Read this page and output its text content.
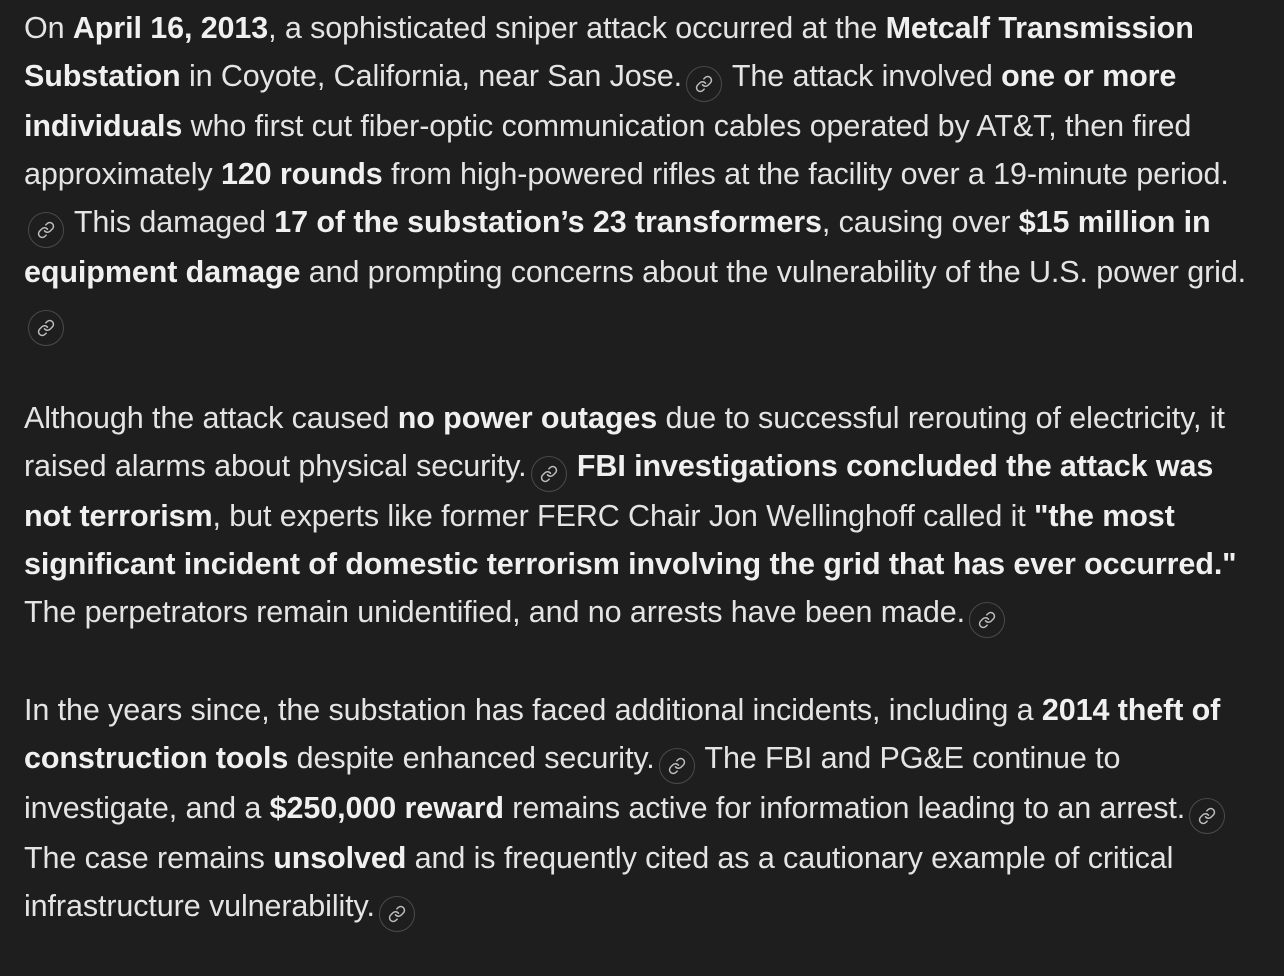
On April 16, 2013, a sophisticated sniper attack occurred at the Metcalf Transmission Substation in Coyote, California, near San Jose.
The attack involved one or more individuals who first cut fiber-optic communication cables operated by AT&T, then fired approximately 120 rounds from high-powered rifles at the facility over a 19-minute period.
This damaged 17 of the substation’s 23 transformers, causing over $15 million in equipment damage and prompting concerns about the vulnerability of the U.S. power grid.

Although the attack caused no power outages due to successful rerouting of electricity, it raised alarms about physical security. FBI investigations concluded the attack was not terrorism, but experts like former FERC Chair Jon Wellinghoff called it "the most significant incident of domestic terrorism involving the grid that has ever occurred." The perpetrators remain unidentified, and no arrests have been made.

In the years since, the substation has faced additional incidents, including a 2014 theft of construction tools despite enhanced security.
The FBI and PG&E continue to investigate, and a $250,000 reward remains active for information leading to an arrest.
The case remains unsolved and is frequently cited as a cautionary example of critical infrastructure vulnerability.
